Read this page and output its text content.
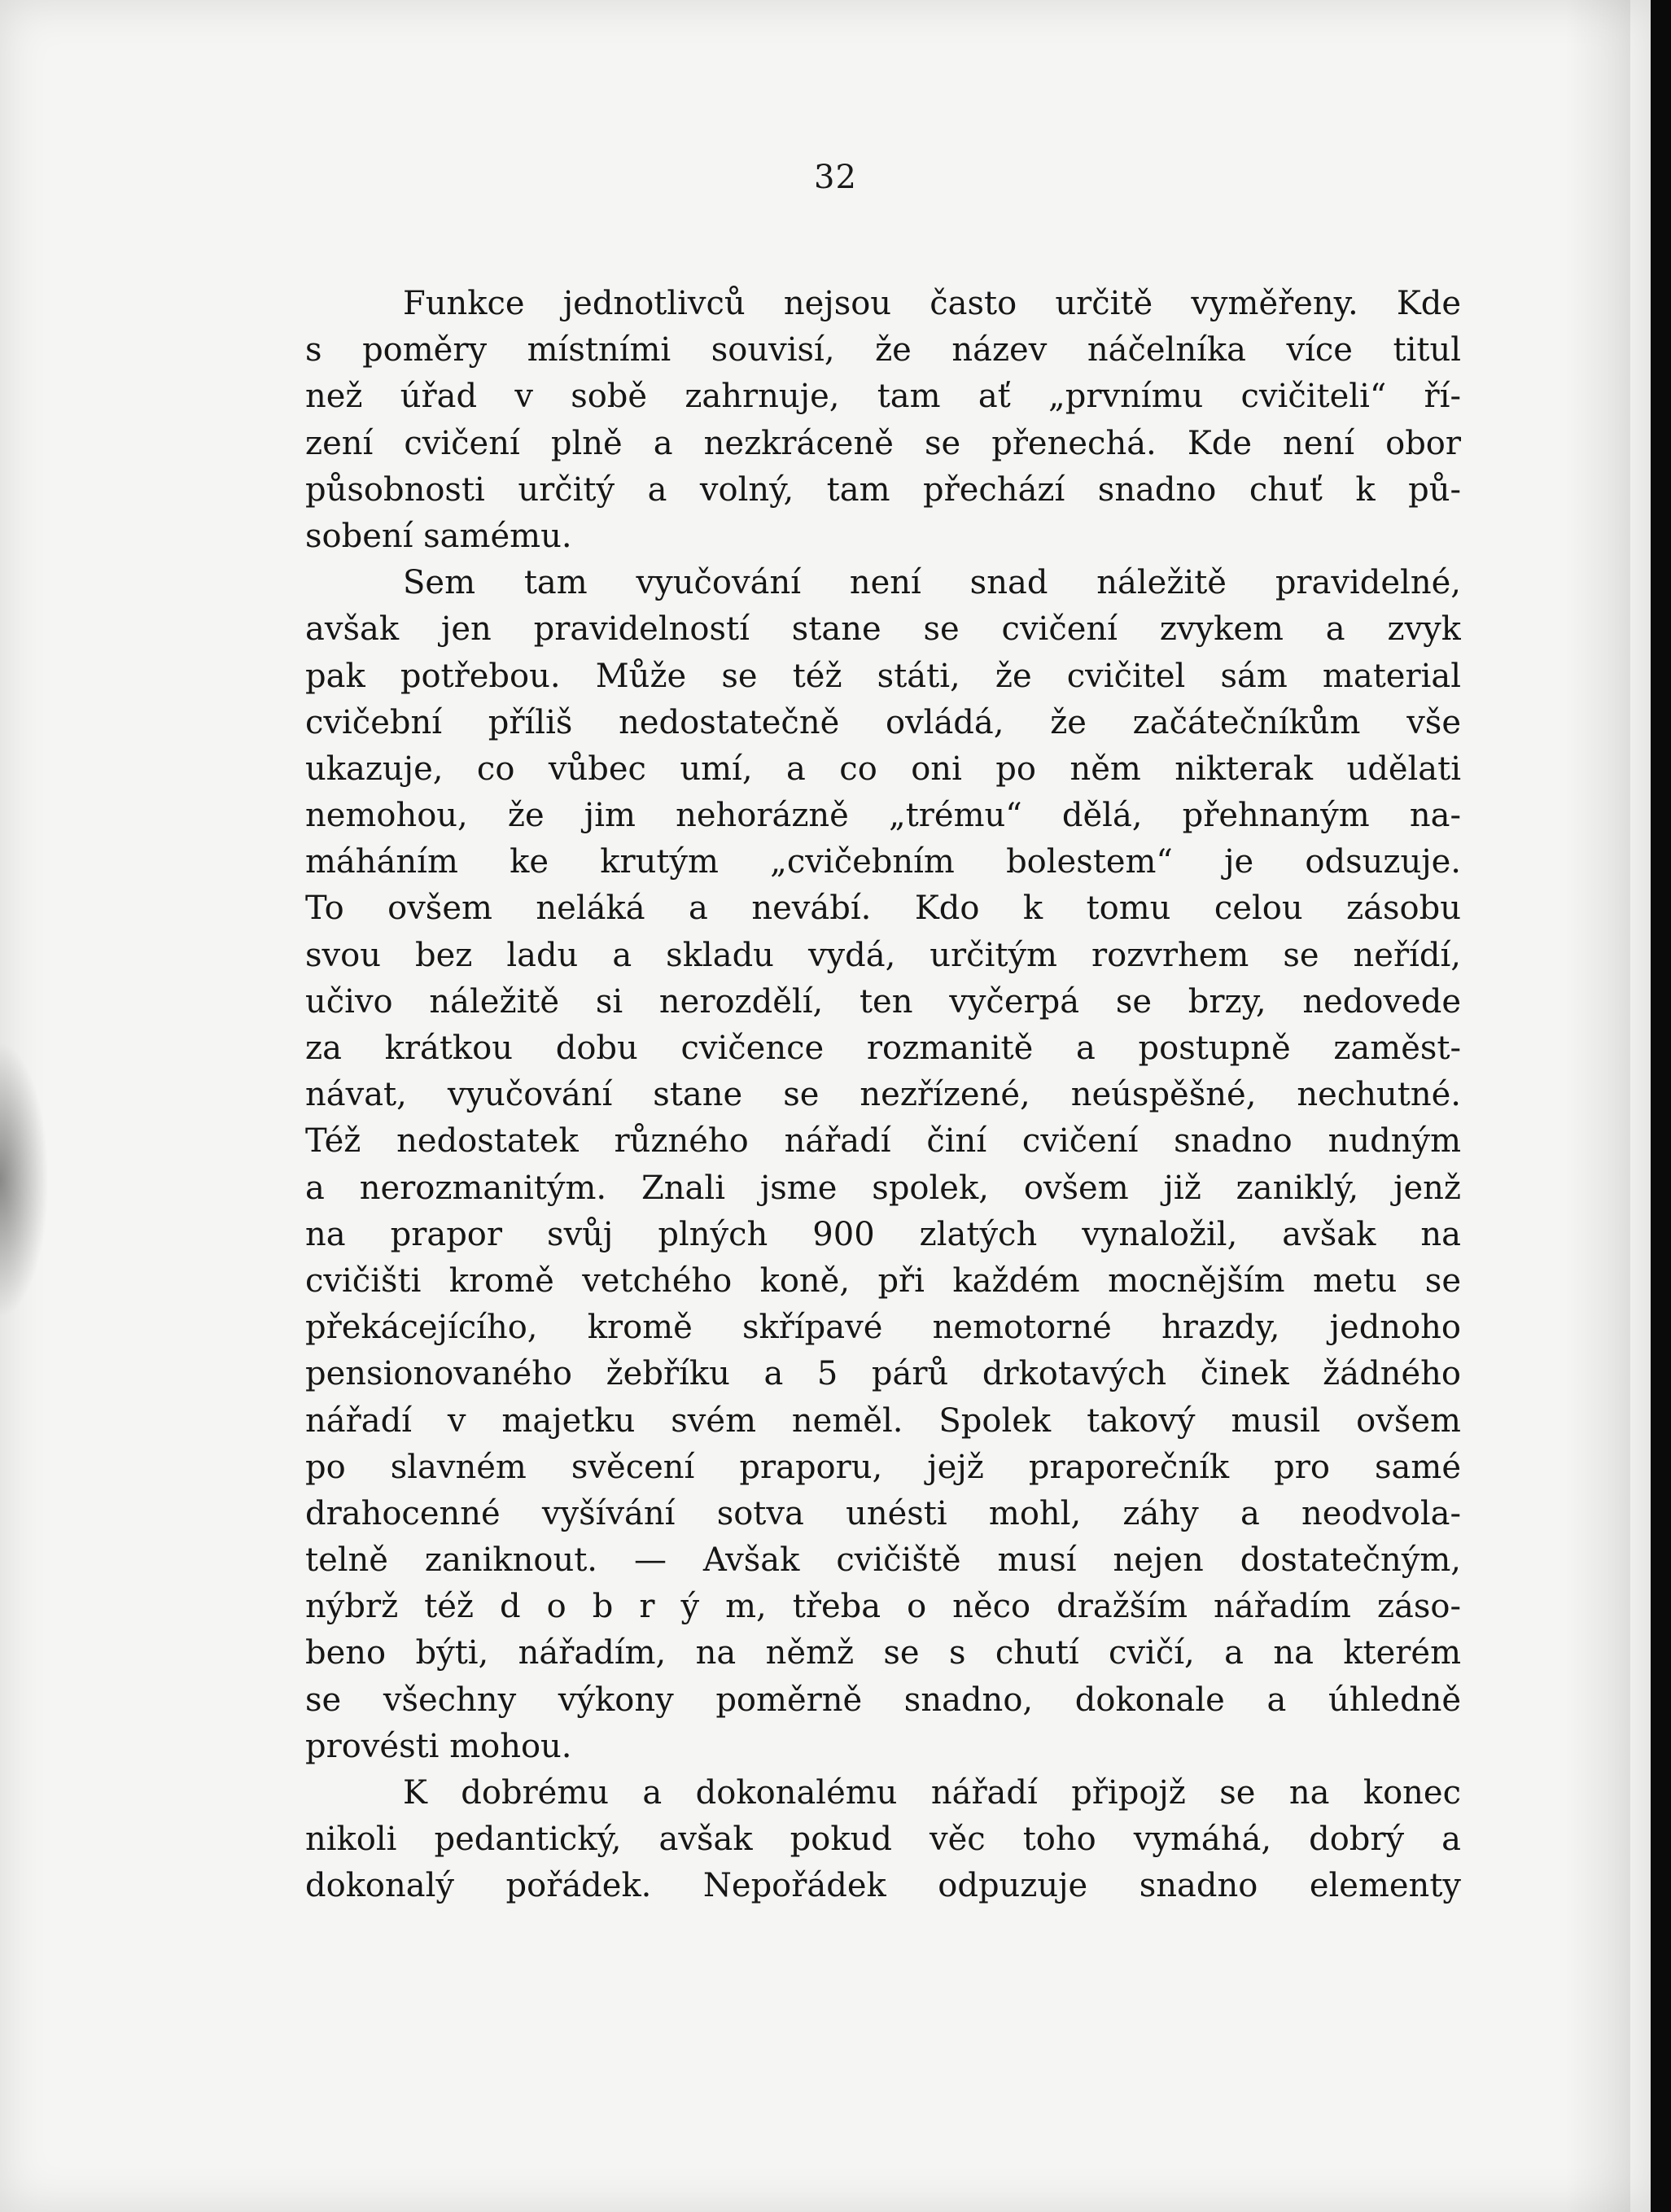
32
Funkce jednotlivců nejsou často určitě vyměřeny. Kde
s poměry místními souvisí, že název náčelníka více titul
než úřad v sobě zahrnuje, tam ať „prvnímu cvičiteli“ ří-
zení cvičení plně a nezkráceně se přenechá. Kde není obor
působnosti určitý a volný, tam přechází snadno chuť k pů-
sobení samému.
Sem tam vyučování není snad náležitě pravidelné,
avšak jen pravidelností stane se cvičení zvykem a zvyk
pak potřebou. Může se též státi, že cvičitel sám material
cvičební příliš nedostatečně ovládá, že začátečníkům vše
ukazuje, co vůbec umí, a co oni po něm nikterak udělati
nemohou, že jim nehorázně „trému“ dělá, přehnaným na-
máháním ke krutým „cvičebním bolestem“ je odsuzuje.
To ovšem neláká a nevábí. Kdo k tomu celou zásobu
svou bez ladu a skladu vydá, určitým rozvrhem se neřídí,
učivo náležitě si nerozdělí, ten vyčerpá se brzy, nedovede
za krátkou dobu cvičence rozmanitě a postupně zaměst-
návat, vyučování stane se nezřízené, neúspěšné, nechutné.
Též nedostatek různého nářadí činí cvičení snadno nudným
a nerozmanitým. Znali jsme spolek, ovšem již zaniklý, jenž
na prapor svůj plných 900 zlatých vynaložil, avšak na
cvičišti kromě vetchého koně, při každém mocnějším metu se
překácejícího, kromě skřípavé nemotorné hrazdy, jednoho
pensionovaného žebříku a 5 párů drkotavých činek žádného
nářadí v majetku svém neměl. Spolek takový musil ovšem
po slavném svěcení praporu, jejž praporečník pro samé
drahocenné vyšívání sotva unésti mohl, záhy a neodvola-
telně zaniknout. — Avšak cvičiště musí nejen dostatečným,
nýbrž též d o b r ý m, třeba o něco dražším nářadím záso-
beno býti, nářadím, na němž se s chutí cvičí, a na kterém
se všechny výkony poměrně snadno, dokonale a úhledně
provésti mohou.
K dobrému a dokonalému nářadí připojž se na konec
nikoli pedantický, avšak pokud věc toho vymáhá, dobrý a
dokonalý pořádek. Nepořádek odpuzuje snadno elementy
